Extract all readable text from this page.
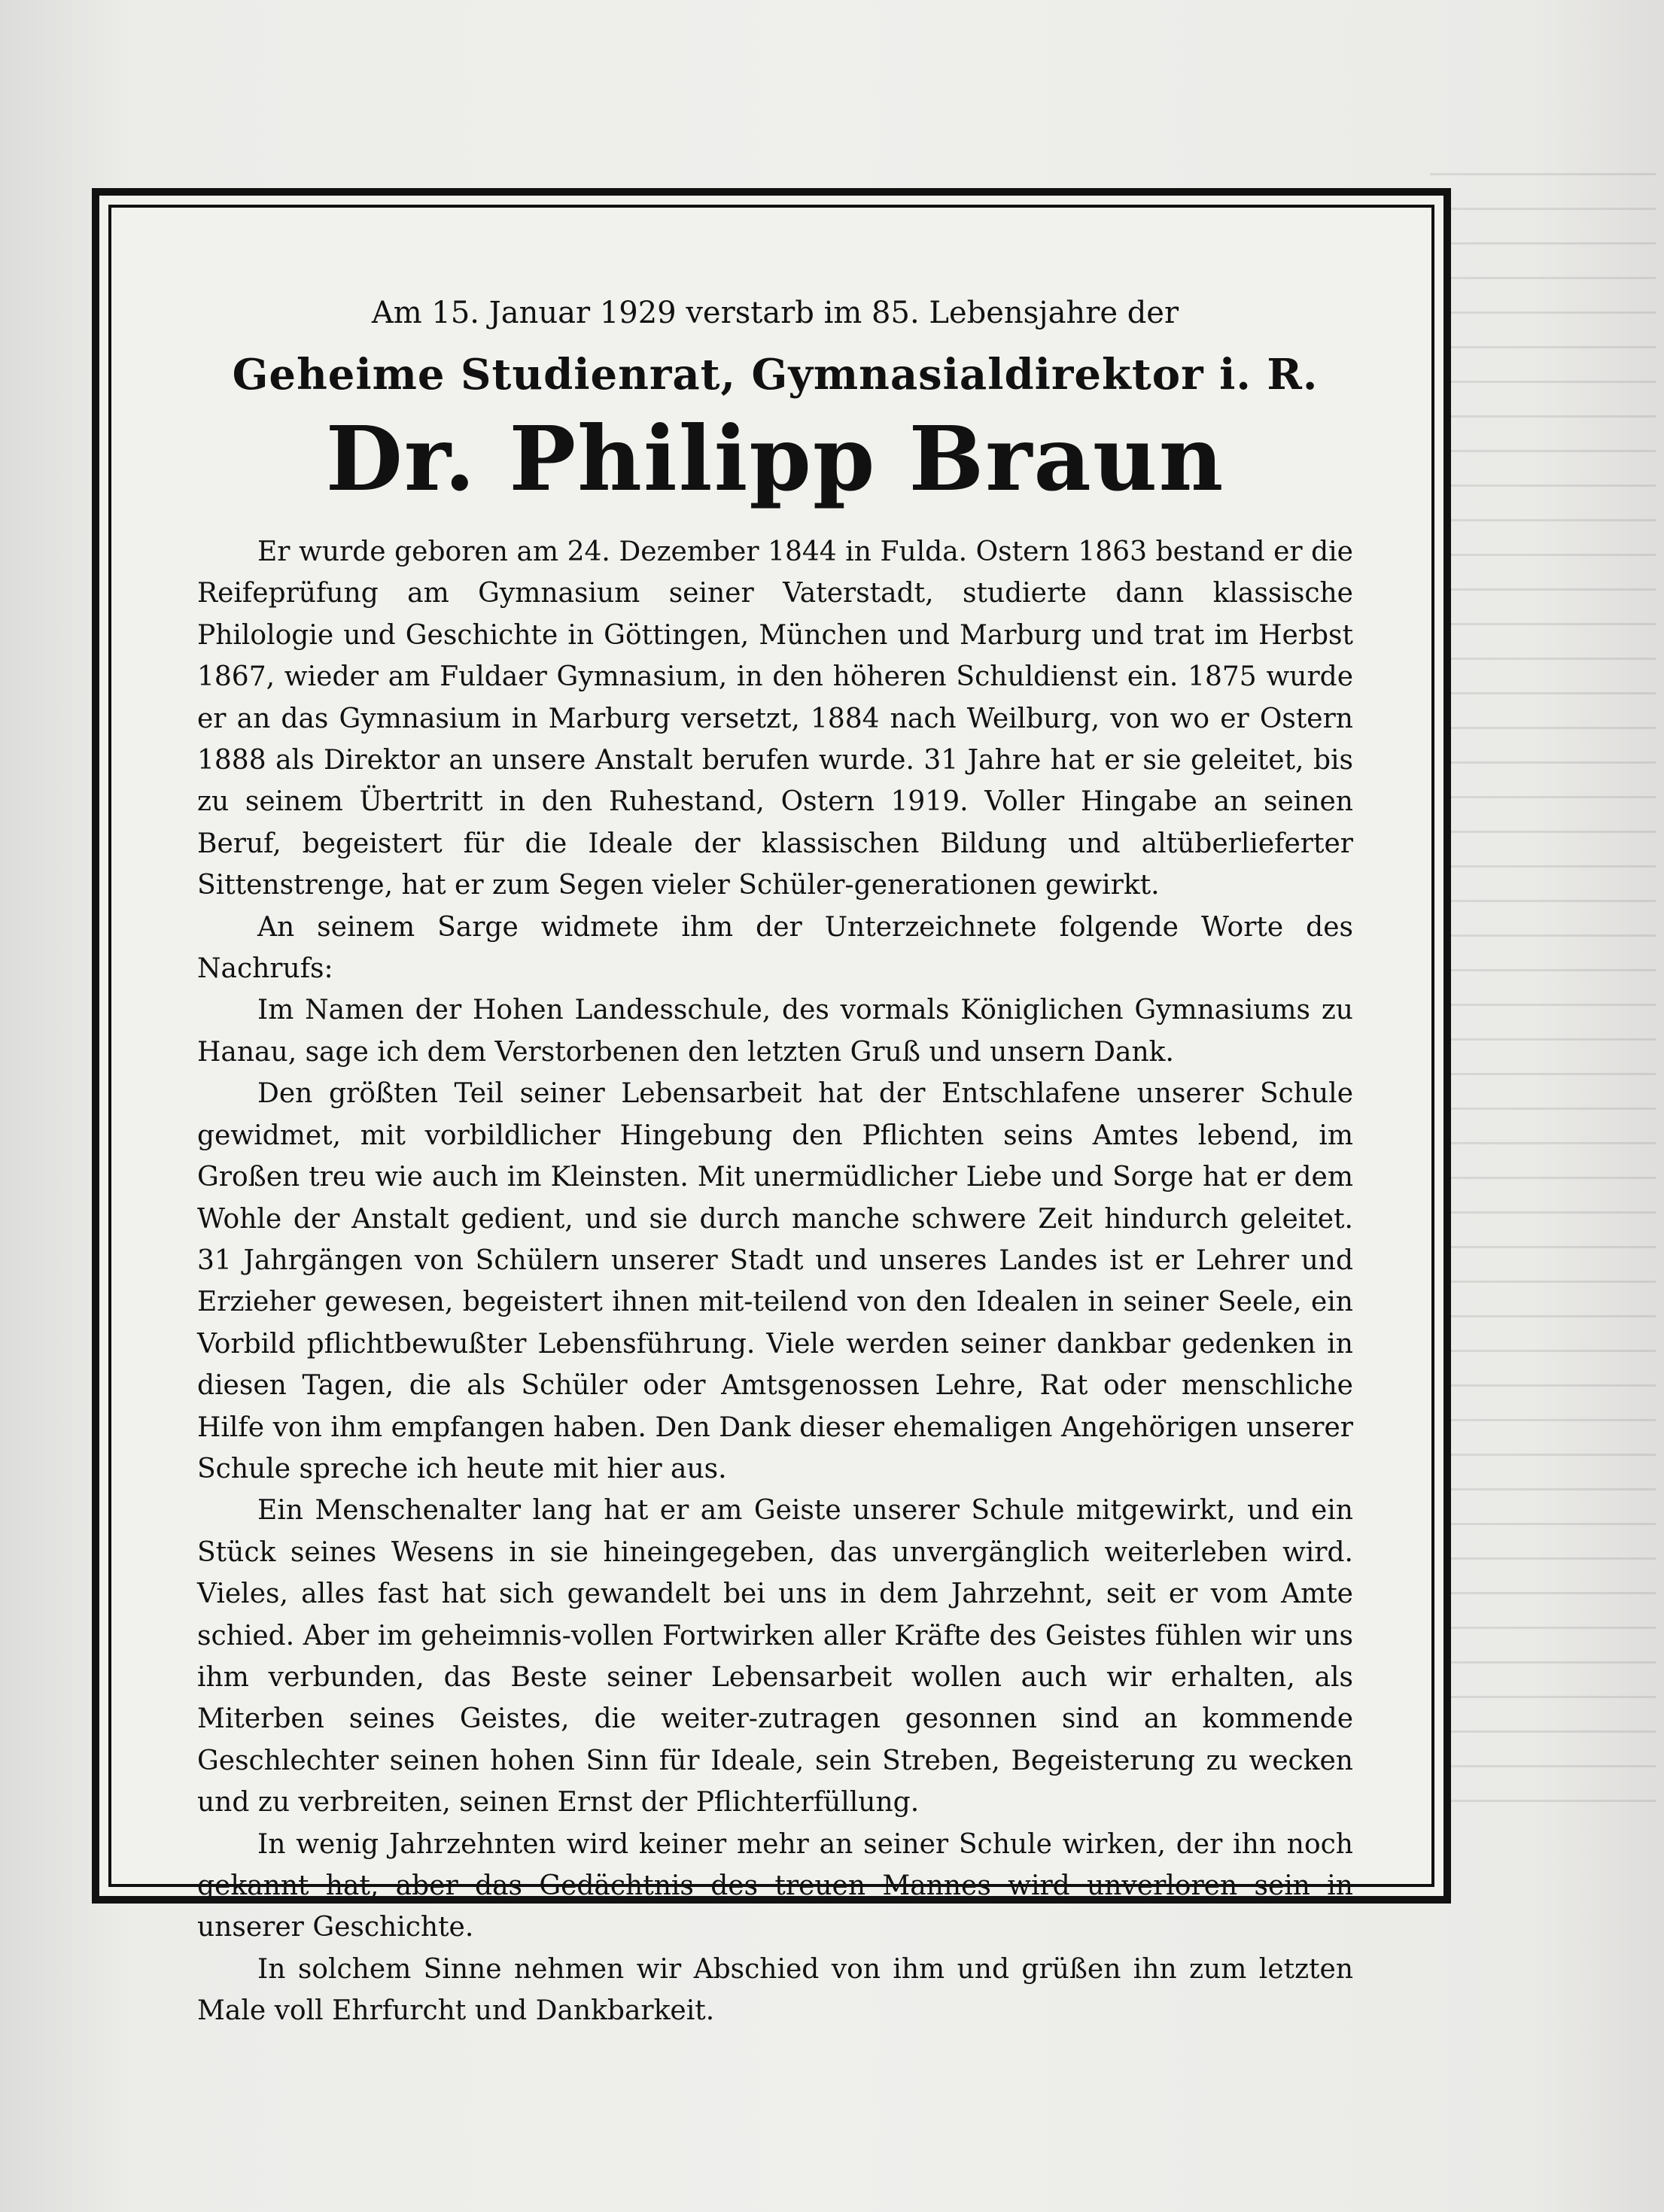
Am 15. Januar 1929 verstarb im 85. Lebensjahre der

Geheime Studienrat, Gymnasialdirektor i. R.

Dr. Philipp Braun

Er wurde geboren am 24. Dezember 1844 in Fulda. Ostern 1863 bestand er die Reifeprüfung am Gymnasium seiner Vaterstadt, studierte dann klassische Philologie und Geschichte in Göttingen, München und Marburg und trat im Herbst 1867, wieder am Fuldaer Gymnasium, in den höheren Schuldienst ein. 1875 wurde er an das Gymnasium in Marburg versetzt, 1884 nach Weilburg, von wo er Ostern 1888 als Direktor an unsere Anstalt berufen wurde. 31 Jahre hat er sie geleitet, bis zu seinem Übertritt in den Ruhestand, Ostern 1919. Voller Hingabe an seinen Beruf, begeistert für die Ideale der klassischen Bildung und altüberlieferter Sittenstrenge, hat er zum Segen vieler Schüler-generationen gewirkt.

An seinem Sarge widmete ihm der Unterzeichnete folgende Worte des Nachrufs:

Im Namen der Hohen Landesschule, des vormals Königlichen Gymnasiums zu Hanau, sage ich dem Verstorbenen den letzten Gruß und unsern Dank.

Den größten Teil seiner Lebensarbeit hat der Entschlafene unserer Schule gewidmet, mit vorbildlicher Hingebung den Pflichten seins Amtes lebend, im Großen treu wie auch im Kleinsten. Mit unermüdlicher Liebe und Sorge hat er dem Wohle der Anstalt gedient, und sie durch manche schwere Zeit hindurch geleitet. 31 Jahrgängen von Schülern unserer Stadt und unseres Landes ist er Lehrer und Erzieher gewesen, begeistert ihnen mit-teilend von den Idealen in seiner Seele, ein Vorbild pflichtbewußter Lebensführung. Viele werden seiner dankbar gedenken in diesen Tagen, die als Schüler oder Amtsgenossen Lehre, Rat oder menschliche Hilfe von ihm empfangen haben. Den Dank dieser ehemaligen Angehörigen unserer Schule spreche ich heute mit hier aus.

Ein Menschenalter lang hat er am Geiste unserer Schule mitgewirkt, und ein Stück seines Wesens in sie hineingegeben, das unvergänglich weiterleben wird. Vieles, alles fast hat sich gewandelt bei uns in dem Jahrzehnt, seit er vom Amte schied. Aber im geheimnis-vollen Fortwirken aller Kräfte des Geistes fühlen wir uns ihm verbunden, das Beste seiner Lebensarbeit wollen auch wir erhalten, als Miterben seines Geistes, die weiter-zutragen gesonnen sind an kommende Geschlechter seinen hohen Sinn für Ideale, sein Streben, Begeisterung zu wecken und zu verbreiten, seinen Ernst der Pflichterfüllung.

In wenig Jahrzehnten wird keiner mehr an seiner Schule wirken, der ihn noch gekannt hat, aber das Gedächtnis des treuen Mannes wird unverloren sein in unserer Geschichte.

In solchem Sinne nehmen wir Abschied von ihm und grüßen ihn zum letzten Male voll Ehrfurcht und Dankbarkeit.
